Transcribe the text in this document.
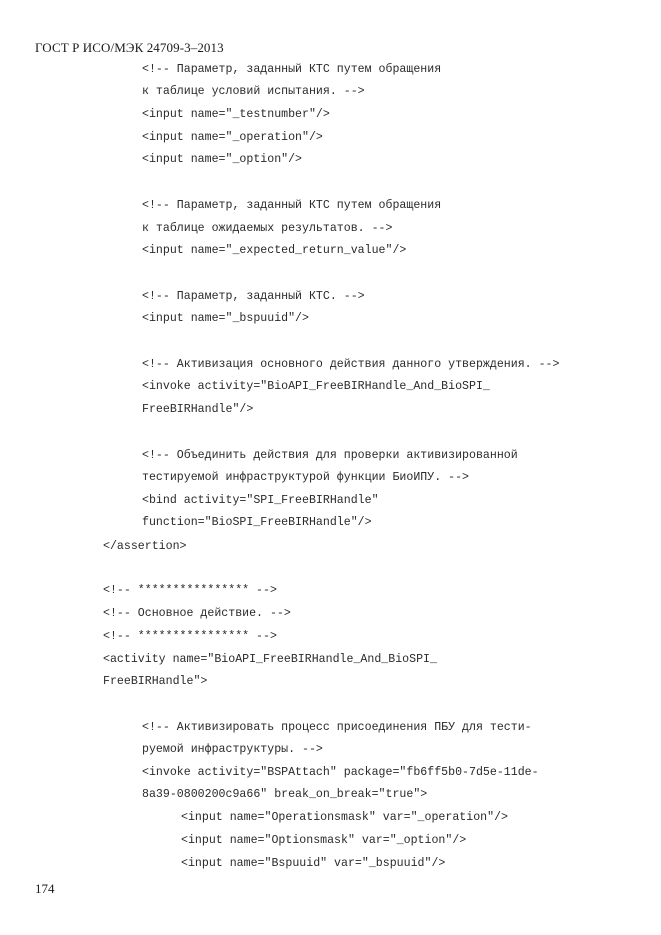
ГОСТ Р ИСО/МЭК 24709-3–2013
<!-- Параметр, заданный КТС путем обращения
к таблице условий испытания. -->
<input name="_testnumber"/>
<input name="_operation"/>
<input name="_option"/>
<!-- Параметр, заданный КТС путем обращения
к таблице ожидаемых результатов. -->
<input name="_expected_return_value"/>
<!-- Параметр, заданный КТС. -->
<input name="_bspuuid"/>
<!-- Активизация основного действия данного утверждения. -->
<invoke activity="BioAPI_FreeBIRHandle_And_BioSPI_
FreeBIRHandle"/>
<!-- Объединить действия для проверки активизированной
тестируемой инфраструктурой функции БиоИПУ. -->
<bind activity="SPI_FreeBIRHandle"
function="BioSPI_FreeBIRHandle"/>
</assertion>
<!-- **************** -->
<!-- Основное действие. -->
<!-- **************** -->
<activity name="BioAPI_FreeBIRHandle_And_BioSPI_
FreeBIRHandle">
<!-- Активизировать процесс присоединения ПБУ для тести-
руемой инфраструктуры. -->
<invoke activity="BSPAttach" package="fb6ff5b0-7d5e-11de-
8a39-0800200c9a66" break_on_break="true">
<input name="Operationsmask" var="_operation"/>
<input name="Optionsmask" var="_option"/>
<input name="Bspuuid" var="_bspuuid"/>
174
